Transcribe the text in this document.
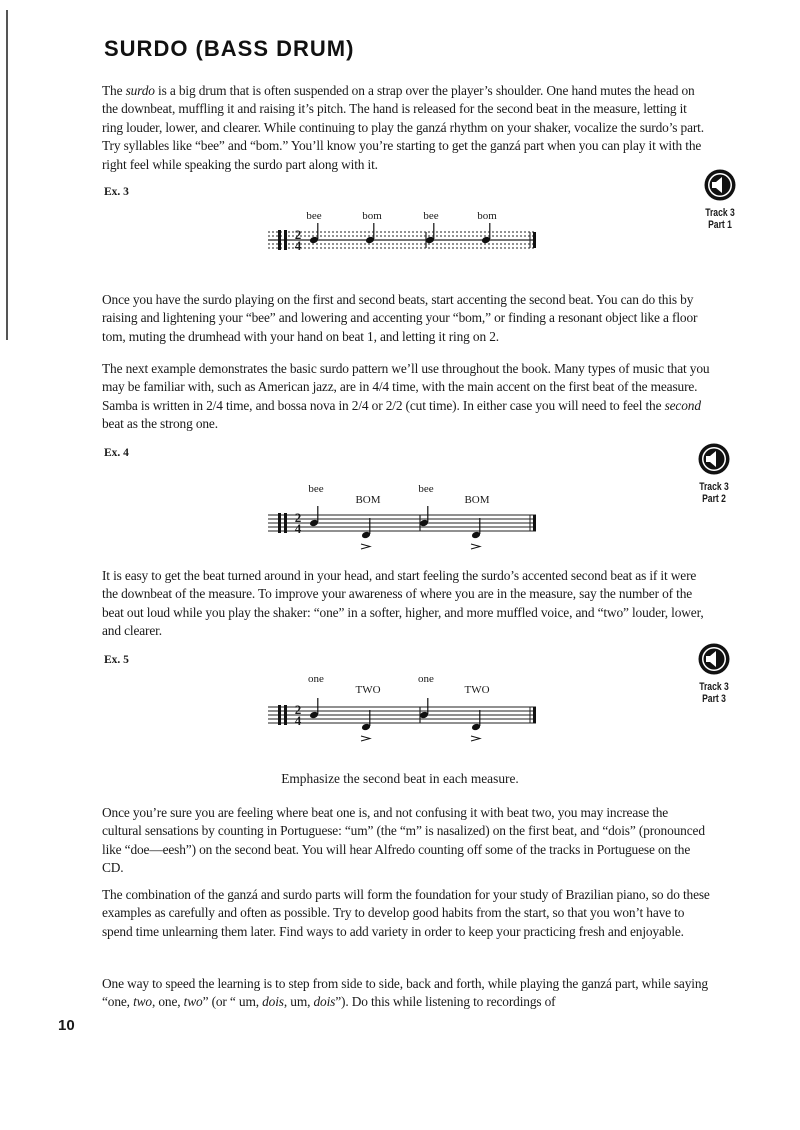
SURDO (BASS DRUM)

The surdo is a big drum that is often suspended on a strap over the player’s shoulder. One hand mutes the head on the downbeat, muffling it and raising it’s pitch. The hand is released for the second beat in the measure, letting it ring louder, lower, and clearer. While continuing to play the ganzá rhythm on your shaker, vocalize the surdo’s part. Try syllables like “bee” and “bom.” You’ll know you’re starting to get the ganzá part when you can play it with the right feel while speaking the surdo part along with it.

Ex. 3
Track 3
Part 1
bee	bom	bee	bom
2
4

Once you have the surdo playing on the first and second beats, start accenting the second beat. You can do this by raising and lightening your “bee” and lowering and accenting your “bom,” or finding a resonant object like a floor tom, muting the drumhead with your hand on beat 1, and letting it ring on 2.

The next example demonstrates the basic surdo pattern we’ll use throughout the book. Many types of music that you may be familiar with, such as American jazz, are in 4/4 time, with the main accent on the first beat of the measure. Samba is written in 2/4 time, and bossa nova in 2/4 or 2/2 (cut time). In either case you will need to feel the second beat as the strong one.

Ex. 4
Track 3
Part 2
bee
BOM
bee
BOM
2
4

It is easy to get the beat turned around in your head, and start feeling the surdo’s accented second beat as if it were the downbeat of the measure. To improve your awareness of where you are in the measure, say the number of the beat out loud while you play the shaker: “one” in a softer, higher, and more muffled voice, and “two” louder, lower, and clearer.

Ex. 5
Track 3
Part 3
one
TWO
one
TWO
2
4

Emphasize the second beat in each measure.

Once you’re sure you are feeling where beat one is, and not confusing it with beat two, you may increase the cultural sensations by counting in Portuguese: “um” (the “m” is nasalized) on the first beat, and “dois” (pronounced like “doe—eesh”) on the second beat. You will hear Alfredo counting off some of the tracks in Portuguese on the CD.

The combination of the ganzá and surdo parts will form the foundation for your study of Brazilian piano, so do these examples as carefully and often as possible. Try to develop good habits from the start, so that you won’t have to spend time unlearning them later. Find ways to add variety in order to keep your practicing fresh and enjoyable.

One way to speed the learning is to step from side to side, back and forth, while playing the ganzá part, while saying “one, two, one, two” (or “ um, dois, um, dois”). Do this while listening to recordings of

10
